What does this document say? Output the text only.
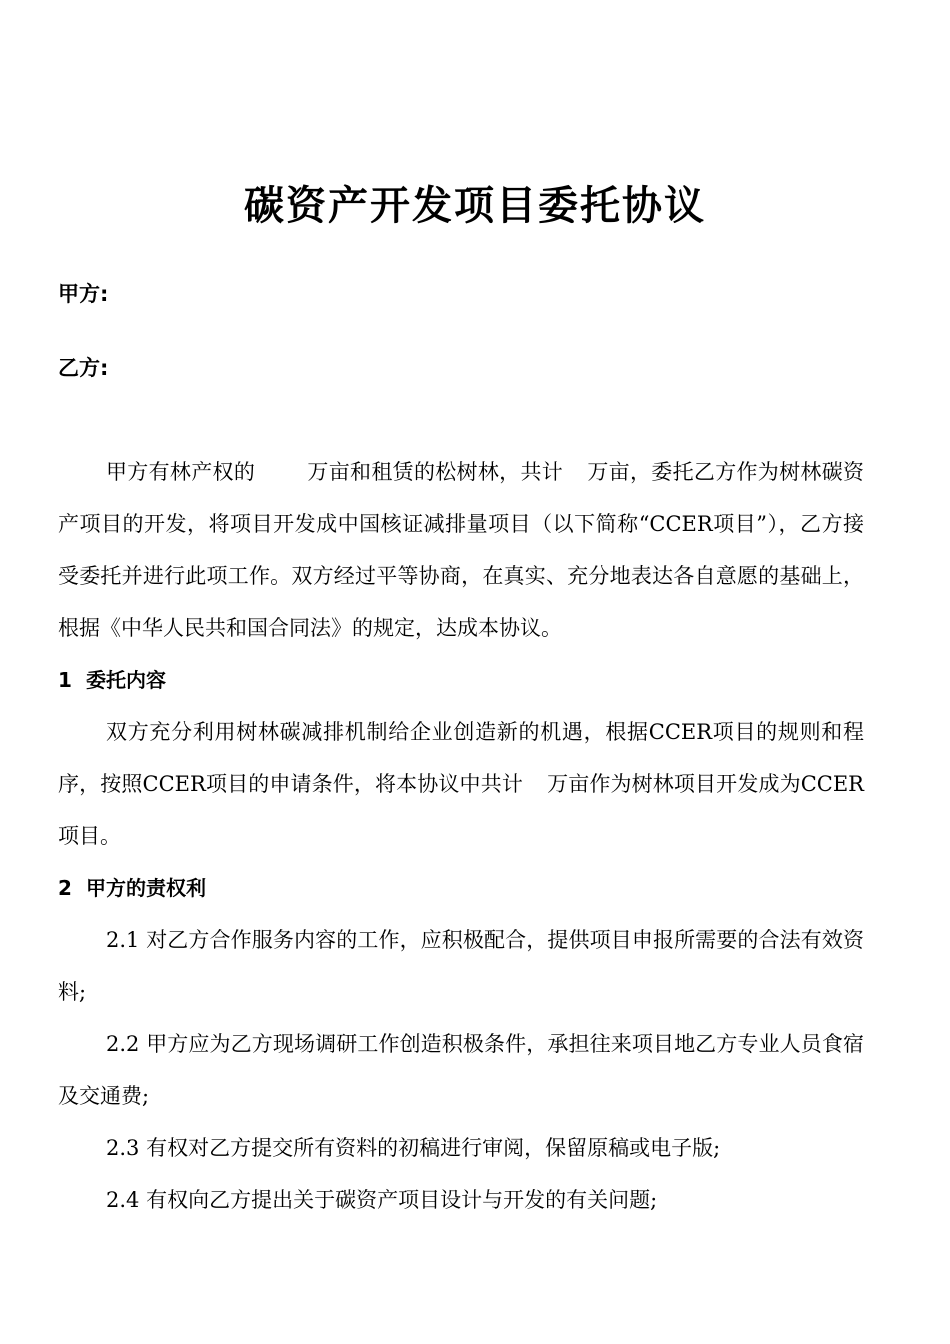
碳资产开发项目委托协议
甲方:
乙方:

甲方有林产权的 万亩和租赁的松树林，共计 万亩，委托乙方作为树林碳资产项目的开发，将项目开发成中国核证减排量项目（以下简称“CCER项目”），乙方接受委托并进行此项工作。双方经过平等协商，在真实、充分地表达各自意愿的基础上，根据《中华人民共和国合同法》的规定，达成本协议。

1 委托内容

双方充分利用树林碳减排机制给企业创造新的机遇，根据CCER项目的规则和程序，按照CCER项目的申请条件，将本协议中共计 万亩作为树林项目开发成为CCER项目。

2 甲方的责权利

2.1 对乙方合作服务内容的工作，应积极配合，提供项目申报所需要的合法有效资料;

2.2 甲方应为乙方现场调研工作创造积极条件，承担往来项目地乙方专业人员食宿及交通费;

2.3 有权对乙方提交所有资料的初稿进行审阅，保留原稿或电子版;

2.4 有权向乙方提出关于碳资产项目设计与开发的有关问题;
